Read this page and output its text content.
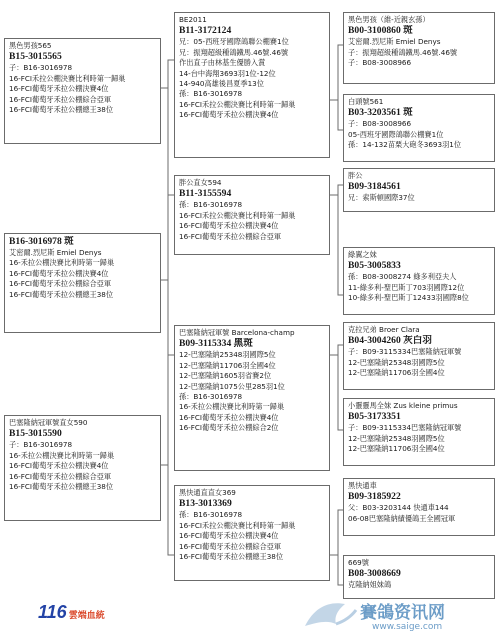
黑色男孩565

B15-3015565

子：B16-3016978

16-FCI禾拉公棚決賽比利時第一歸巢

16-FCI葡萄牙禾拉公棚決賽4位

16-FCI葡萄牙禾拉公棚綜合亞軍

16-FCI葡萄牙禾拉公棚總王38位

B16-3016978 斑

艾密爾.烈尼斯 Emiel Denys

16-禾拉公棚決賽比利時第一歸巢

16-FCI葡萄牙禾拉公棚決賽4位

16-FCI葡萄牙禾拉公棚綜合亞軍

16-FCI葡萄牙禾拉公棚總王38位

巴塞隆納冠軍號直女590

B15-3015590

子：B16-3016978

16-禾拉公棚決賽比利時第一歸巢

16-FCI葡萄牙禾拉公棚決賽4位

16-FCI葡萄牙禾拉公棚綜合亞軍

16-FCI葡萄牙禾拉公棚總王38位

BE2011

B11-3172124

兄：05-西班牙國際鴿聯公棚賽1位

兄：振翔超級種鴿鐵馬.46號.46號

作出直子由林基生優勝入賞

14-台中海翔3693羽1位-12位

14-940高雄後昌夏季13位

孫：B16-3016978

16-FCI禾拉公棚決賽比利時第一歸巢

16-FCI葡萄牙禾拉公棚決賽4位

胖公直女594

B11-3155594

孫：B16-3016978

16-FCI禾拉公棚決賽比利時第一歸巢

16-FCI葡萄牙禾拉公棚決賽4位

16-FCI葡萄牙禾拉公棚綜合亞軍

巴塞隆納冠軍號 Barcelona-champ

B09-3115334 黑斑

12-巴塞隆納25348羽國際5位

12-巴塞隆納11706羽全國4位

12-巴塞隆納1605羽省賽2位

12-巴塞隆納1075公里285羽1位

孫：B16-3016978

16-禾拉公棚決賽比利時第一歸巢

16-FCI葡萄牙禾拉公棚決賽4位

16-FCI葡萄牙禾拉公棚綜合2位

黑快通直直女369

B13-3013369

孫：B16-3016978

16-FCI禾拉公棚決賽比利時第一歸巢

16-FCI葡萄牙禾拉公棚決賽4位

16-FCI葡萄牙禾拉公棚綜合亞軍

16-FCI葡萄牙禾拉公棚總王38位

黑色男孩（維-近親玄孫）

B00-3100860 斑

艾密爾.烈尼斯 Emiel Denys

子：振翔超級種鴿鐵馬.46號.46號

子：B08-3008966

白頭號561

B03-3203561 斑

子：B08-3008966

05-西班牙國際鴿聯公棚賽1位

孫：14-132苗栗大砲冬3693羽1位

胖公

B09-3184561

兄：索斯頓國際37位

綠翼之妹

B05-3005833

孫：B08-3008274 綠多利亞夫人

11-綠多利-聖巴斯丁703羽國際12位

10-綠多利-聖巴斯丁12433羽國際8位

克拉兄弟 Broer Clara

B04-3004260 灰白羽

子：B09-3115334巴塞隆納冠軍號

12-巴塞隆納25348羽國際5位

12-巴塞隆納11706羽全國4位

小靈靈馬全妹 Zus kleine primus

B05-3173351

子：B09-3115334巴塞隆納冠軍號

12-巴塞隆納25348羽國際5位

12-巴塞隆納11706羽全國4位

黑快通車

B09-3185922

父：B03-3203144 快通車144

06-08巴塞隆納績優鴿王全國冠軍

669號

B08-3008669

克隆納姐妹鴿

116 雲端血統	賽鴿资讯网
www.saige.com
